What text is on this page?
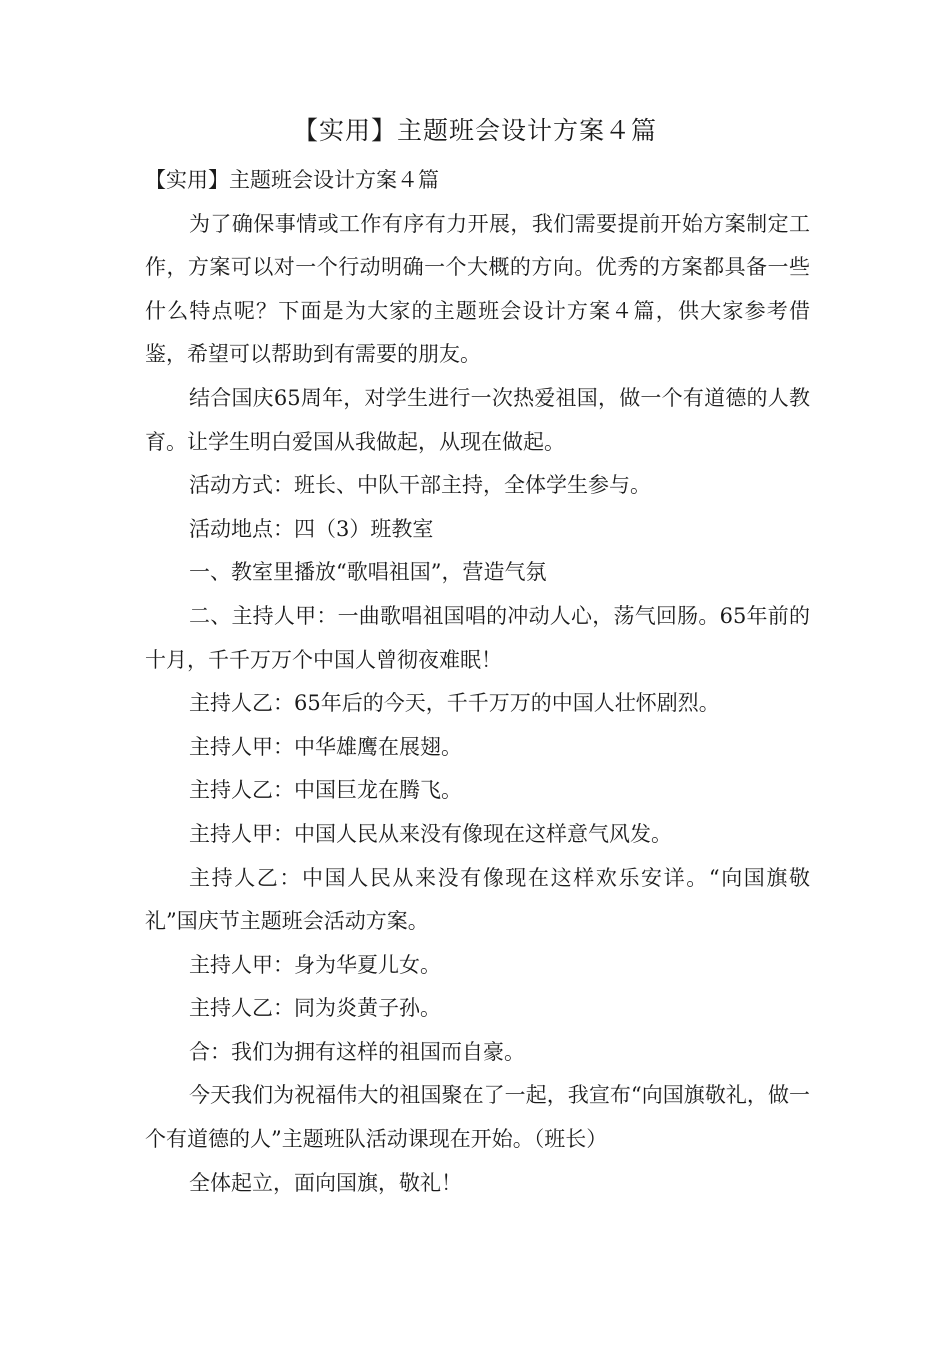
【实用】主题班会设计方案４篇

【实用】主题班会设计方案４篇

为了确保事情或工作有序有力开展，我们需要提前开始方案制定工作，方案可以对一个行动明确一个大概的方向。优秀的方案都具备一些什么特点呢？下面是为大家的主题班会设计方案４篇，供大家参考借鉴，希望可以帮助到有需要的朋友。

结合国庆65周年，对学生进行一次热爱祖国，做一个有道德的人教育。让学生明白爱国从我做起，从现在做起。

活动方式：班长、中队干部主持，全体学生参与。

活动地点：四（3）班教室

一、教室里播放“歌唱祖国”，营造气氛

二、主持人甲：一曲歌唱祖国唱的冲动人心，荡气回肠。65年前的十月，千千万万个中国人曾彻夜难眠！

主持人乙：65年后的今天，千千万万的中国人壮怀剧烈。

主持人甲：中华雄鹰在展翅。

主持人乙：中国巨龙在腾飞。

主持人甲：中国人民从来没有像现在这样意气风发。

主持人乙：中国人民从来没有像现在这样欢乐安详。“向国旗敬礼”国庆节主题班会活动方案。

主持人甲：身为华夏儿女。

主持人乙：同为炎黄子孙。

合：我们为拥有这样的祖国而自豪。

今天我们为祝福伟大的祖国聚在了一起，我宣布“向国旗敬礼，做一个有道德的人”主题班队活动课现在开始。（班长）

全体起立，面向国旗，敬礼！
